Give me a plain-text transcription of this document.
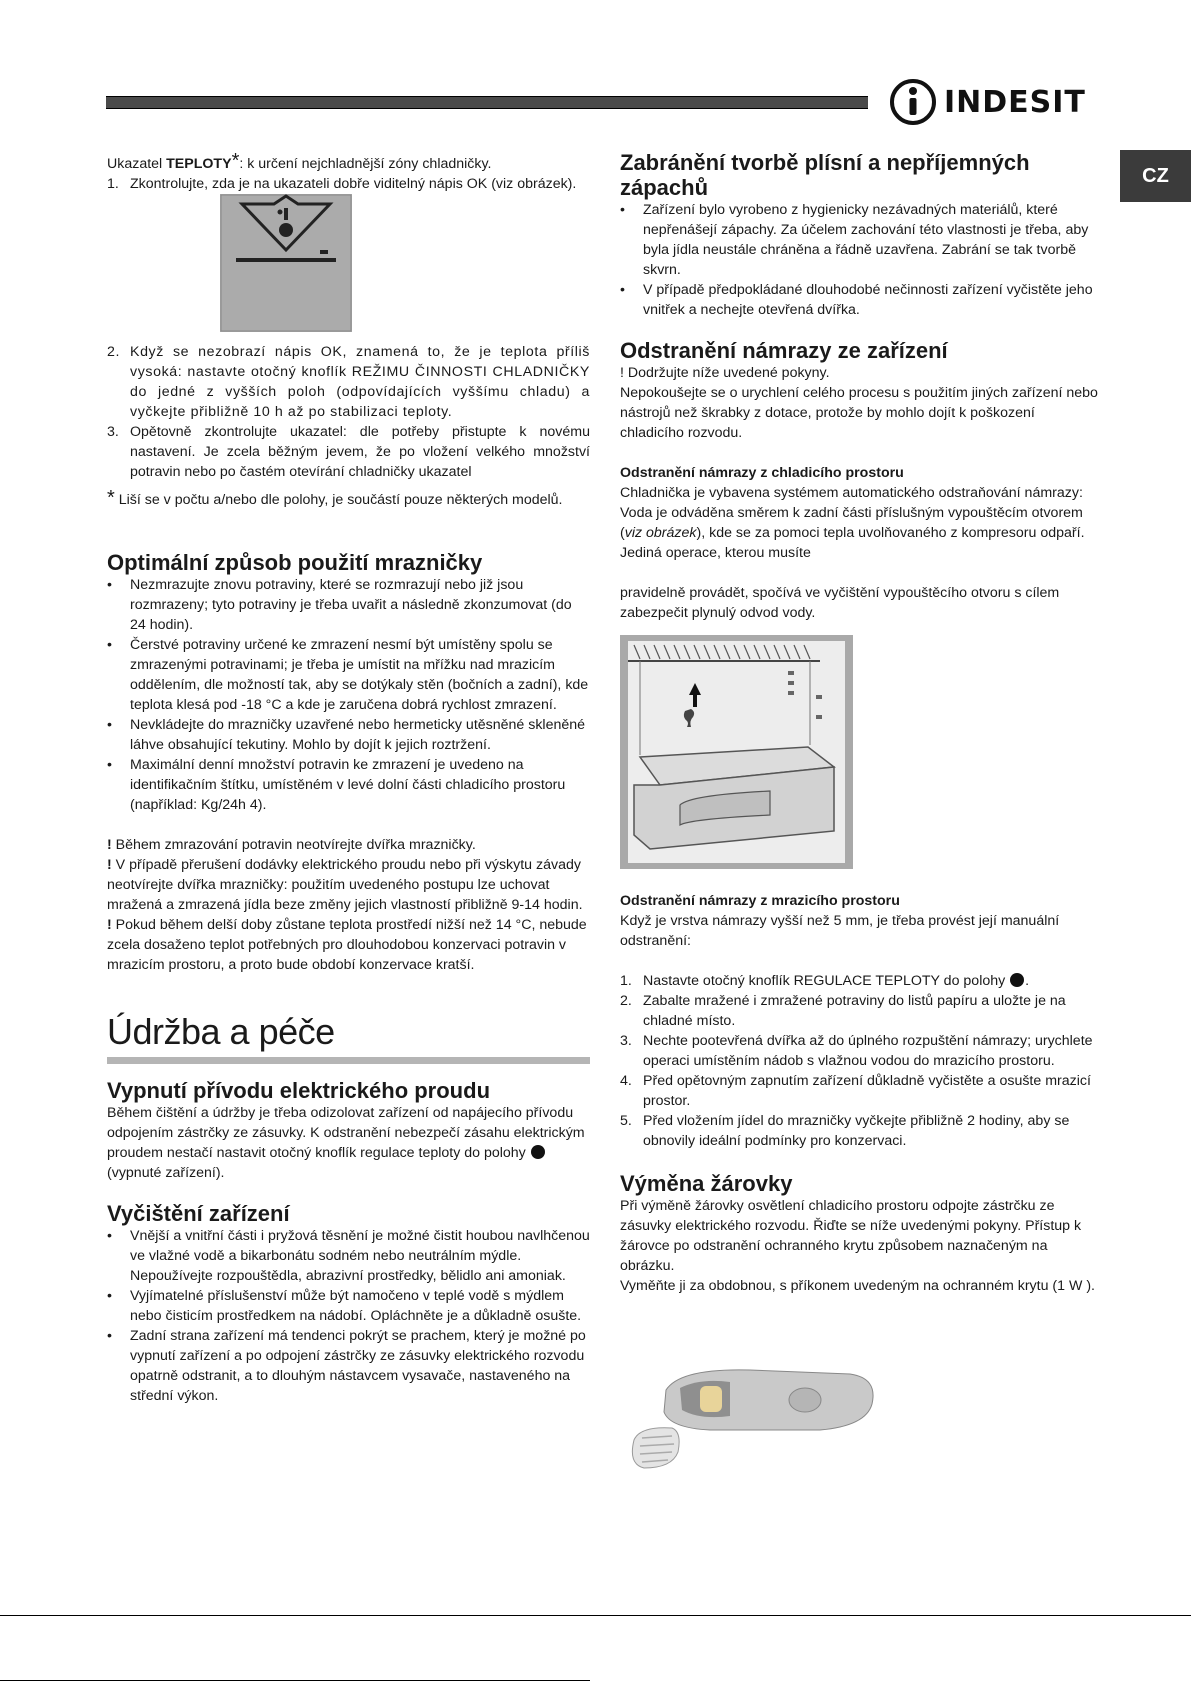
INDESIT
CZ

Ukazatel TEPLOTY*: k určení nejchladnější zóny chladničky.

1. Zkontrolujte, zda je na ukazateli dobře viditelný nápis OK (viz obrázek).
2. Když se nezobrazí nápis OK, znamená to, že je teplota příliš vysoká: nastavte otočný knoflík REŽIMU ČINNOSTI CHLADNIČKY do jedné z vyšších poloh (odpovídajících vyššímu chladu) a vyčkejte přibližně 10 h až po stabilizaci teploty.
3. Opětovně zkontrolujte ukazatel: dle potřeby přistupte k novému nastavení. Je zcela běžným jevem, že po vložení velkého množství potravin nebo po častém otevírání chladničky ukazatel

* Liší se v počtu a/nebo dle polohy, je součástí pouze některých modelů.

Optimální způsob použití mrazničky
• Nezmrazujte znovu potraviny, které se rozmrazují nebo již jsou rozmrazeny; tyto potraviny je třeba uvařit a následně zkonzumovat (do 24 hodin).
• Čerstvé potraviny určené ke zmrazení nesmí být umístěny spolu se zmrazenými potravinami; je třeba je umístit na mřížku nad mrazicím oddělením, dle možností tak, aby se dotýkaly stěn (bočních a zadní), kde teplota klesá pod -18 °C a kde je zaručena dobrá rychlost zmrazení.
• Nevkládejte do mrazničky uzavřené nebo hermeticky utěsněné skleněné láhve obsahující tekutiny. Mohlo by dojít k jejich roztržení.
• Maximální denní množství potravin ke zmrazení je uvedeno na identifikačním štítku, umístěném v levé dolní části chladicího prostoru (například: Kg/24h 4).

! Během zmrazování potravin neotvírejte dvířka mrazničky.

! V případě přerušení dodávky elektrického proudu nebo při výskytu závady neotvírejte dvířka mrazničky: použitím uvedeného postupu lze uchovat mražená a zmrazená jídla beze změny jejich vlastností přibližně 9-14 hodin.

! Pokud během delší doby zůstane teplota prostředí nižší než 14 °C, nebude zcela dosaženo teplot potřebných pro dlouhodobou konzervaci potravin v mrazicím prostoru, a proto bude období konzervace kratší.

Údržba a péče
Vypnutí přívodu elektrického proudu

Během čištění a údržby je třeba odizolovat zařízení od napájecího přívodu odpojením zástrčky ze zásuvky. K odstranění nebezpečí zásahu elektrickým proudem nestačí nastavit otočný knoflík regulace teploty do polohy  (vypnuté zařízení).

Vyčištění zařízení
• Vnější a vnitřní části i pryžová těsnění je možné čistit houbou navlhčenou ve vlažné vodě a bikarbonátu sodném nebo neutrálním mýdle. Nepoužívejte rozpouštědla, abrazivní prostředky, bělidlo ani amoniak.
• Vyjímatelné příslušenství může být namočeno v teplé vodě s mýdlem nebo čisticím prostředkem na nádobí. Opláchněte je a důkladně osušte.
• Zadní strana zařízení má tendenci pokrýt se prachem, který je možné po vypnutí zařízení a po odpojení zástrčky ze zásuvky elektrického rozvodu opatrně odstranit, a to dlouhým nástavcem vysavače, nastaveného na střední výkon.
Zabránění tvorbě plísní a nepříjemných zápachů
• Zařízení bylo vyrobeno z hygienicky nezávadných materiálů, které nepřenášejí zápachy. Za účelem zachování této vlastnosti je třeba, aby byla jídla neustále chráněna a řádně uzavřena. Zabrání se tak tvorbě skvrn.
• V případě předpokládané dlouhodobé nečinnosti zařízení vyčistěte jeho vnitřek a nechejte otevřená dvířka.
Odstranění námrazy ze zařízení

! Dodržujte níže uvedené pokyny.

Nepokoušejte se o urychlení celého procesu s použitím jiných zařízení nebo nástrojů než škrabky z dotace, protože by mohlo dojít k poškození chladicího rozvodu.

Odstranění námrazy z chladicího prostoru

Chladnička je vybavena systémem automatického odstraňování námrazy: Voda je odváděna směrem k zadní části příslušným vypouštěcím otvorem (viz obrázek), kde se za pomoci tepla uvolňovaného z kompresoru odpaří. Jediná operace, kterou musíte

pravidelně provádět, spočívá ve vyčištění vypouštěcího otvoru s cílem zabezpečit plynulý odvod vody.

Odstranění námrazy z mrazicího prostoru

Když je vrstva námrazy vyšší než 5 mm, je třeba provést její manuální odstranění:

1. Nastavte otočný knoflík REGULACE TEPLOTY do polohy .
2. Zabalte mražené i zmražené potraviny do listů papíru a uložte je na chladné místo.
3. Nechte pootevřená dvířka až do úplného rozpuštění námrazy; urychlete operaci umístěním nádob s vlažnou vodou do mrazicího prostoru.
4. Před opětovným zapnutím zařízení důkladně vyčistěte a osušte mrazicí prostor.
5. Před vložením jídel do mrazničky vyčkejte přibližně 2 hodiny, aby se obnovily ideální podmínky pro konzervaci.
Výměna žárovky

Při výměně žárovky osvětlení chladicího prostoru odpojte zástrčku ze zásuvky elektrického rozvodu. Řiďte se níže uvedenými pokyny. Přístup k žárovce po odstranění ochranného krytu způsobem naznačeným na obrázku.

Vyměňte ji za obdobnou, s příkonem uvedeným na ochranném krytu (1 W ).
